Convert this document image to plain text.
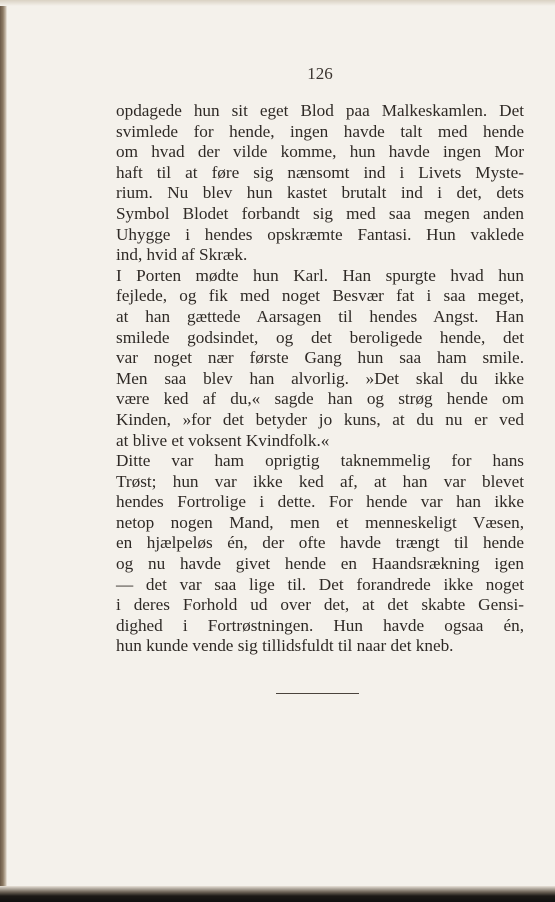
126
opdagede hun sit eget Blod paa Malkeskamlen. Det
svimlede for hende, ingen havde talt med hende
om hvad der vilde komme, hun havde ingen Mor
haft til at føre sig nænsomt ind i Livets Myste-
rium. Nu blev hun kastet brutalt ind i det, dets
Symbol Blodet forbandt sig med saa megen anden
Uhygge i hendes opskræmte Fantasi. Hun vaklede
ind, hvid af Skræk.
I Porten mødte hun Karl. Han spurgte hvad hun
fejlede, og fik med noget Besvær fat i saa meget,
at han gættede Aarsagen til hendes Angst. Han
smilede godsindet, og det beroligede hende, det
var noget nær første Gang hun saa ham smile.
Men saa blev han alvorlig. »Det skal du ikke
være ked af du,« sagde han og strøg hende om
Kinden, »for det betyder jo kuns, at du nu er ved
at blive et voksent Kvindfolk.«
Ditte var ham oprigtig taknemmelig for hans
Trøst; hun var ikke ked af, at han var blevet
hendes Fortrolige i dette. For hende var han ikke
netop nogen Mand, men et menneskeligt Væsen,
en hjælpeløs én, der ofte havde trængt til hende
og nu havde givet hende en Haandsrækning igen
— det var saa lige til. Det forandrede ikke noget
i deres Forhold ud over det, at det skabte Gensi-
dighed i Fortrøstningen. Hun havde ogsaa én,
hun kunde vende sig tillidsfuldt til naar det kneb.
